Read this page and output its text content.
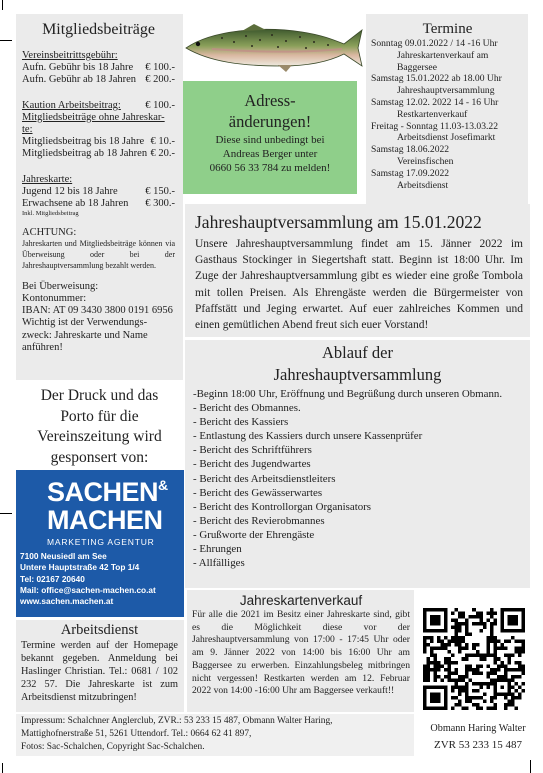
Mitgliedsbeiträge
Vereinsbeitrittsgebühr:
Aufn. Gebühr bis 18 Jahre € 100.-
Aufn. Gebühr ab 18 Jahren € 200.-
Kaution Arbeitsbeitrag: € 100.-
Mitgliedsbeiträge ohne Jahreskar-
te:
Mitgliedsbeitrag bis 18 Jahre € 10.-
Mitgliedsbeitrag ab 18 Jahren € 20.-
Jahreskarte:
Jugend 12 bis 18 Jahre	€ 150.-
Erwachsene ab 18 Jahren € 300.-
Inkl. Mitgliedsbeitrag
ACHTUNG:
Jahreskarten und Mitgliedsbeiträge können via Überweisung oder bei der Jahreshauptversammlung bezahlt werden.
Bei Überweisung:
Kontonummer:
IBAN: AT 09 3430 3800 0191 6956
Wichtig ist der Verwendungs-
zweck: Jahreskarte und Name
anführen!
Adress-
änderungen!
Diese sind unbedingt bei
Andreas Berger unter
0660 56 33 784 zu melden!
Termine
Sonntag 09.01.2022 / 14 -16 Uhr
Jahreskartenverkauf am
Baggersee
Samstag 15.01.2022 ab 18.00 Uhr
Jahreshauptversammlung
Samstag 12.02. 2022 14 - 16 Uhr
Restkartenverkauf
Freitag - Sonntag 11.03-13.03.22
Arbeitsdienst Josefimarkt
Samstag 18.06.2022
Vereinsfischen
Samstag 17.09.2022
Arbeitsdienst
Jahreshauptversammlung am 15.01.2022
Unsere Jahreshauptversammlung findet am 15. Jänner 2022 im Gasthaus Stockinger in Siegertshaft statt. Beginn ist 18:00 Uhr. Im Zuge der Jahreshauptversammlung gibt es wieder eine große Tombola mit tollen Preisen. Als Ehrengäste werden die Bürgermeister von Pfaffstätt und Jeging erwartet. Auf euer zahlreiches Kommen und einen gemütlichen Abend freut sich euer Vorstand!
Ablauf der
Jahreshauptversammlung
-Beginn 18:00 Uhr, Eröffnung und Begrüßung durch unseren Obmann.
- Bericht des Obmannes.
- Bericht des Kassiers
- Entlastung des Kassiers durch unsere Kassenprüfer
- Bericht des Schriftführers
- Bericht des Jugendwartes
- Bericht des Arbeitsdienstleiters
- Bericht des Gewässerwartes
- Bericht des Kontrollorgan Organisators
- Bericht des Revierobmannes
- Grußworte der Ehrengäste
- Ehrungen
- Allfälliges
Der Druck und das
Porto für die
Vereinszeitung wird
gesponsert von:
SACHEN&
MACHEN
MARKETING AGENTUR
7100 Neusiedl am See
Untere Hauptstraße 42 Top 1/4
Tel: 02167 20640
Mail: office@sachen-machen.co.at
www.sachen.machen.at
Arbeitsdienst
Termine werden auf der Homepage bekannt gegeben. Anmeldung bei Haslinger Christian. Tel.: 0681 / 102 232 57. Die Jahreskarte ist zum Arbeitsdienst mitzubringen!
Jahreskartenverkauf
Für alle die 2021 im Besitz einer Jahreskarte sind, gibt es die Möglichkeit diese vor der Jahreshauptversammlung von 17:00 - 17:45 Uhr oder am 9. Jänner 2022 von 14:00 bis 16:00 Uhr am Baggersee zu erwerben. Einzahlungsbeleg mitbringen nicht vergessen! Restkarten werden am 12. Februar 2022 von 14:00 -16:00 Uhr am Baggersee verkauft!!
Obmann Haring Walter
ZVR 53 233 15 487
Impressum: Schalchner Anglerclub, ZVR.: 53 233 15 487, Obmann Walter Haring,
Mattighofnerstraße 51, 5261 Uttendorf. Tel.: 0664 62 41 897,
Fotos: Sac-Schalchen, Copyright Sac-Schalchen.
